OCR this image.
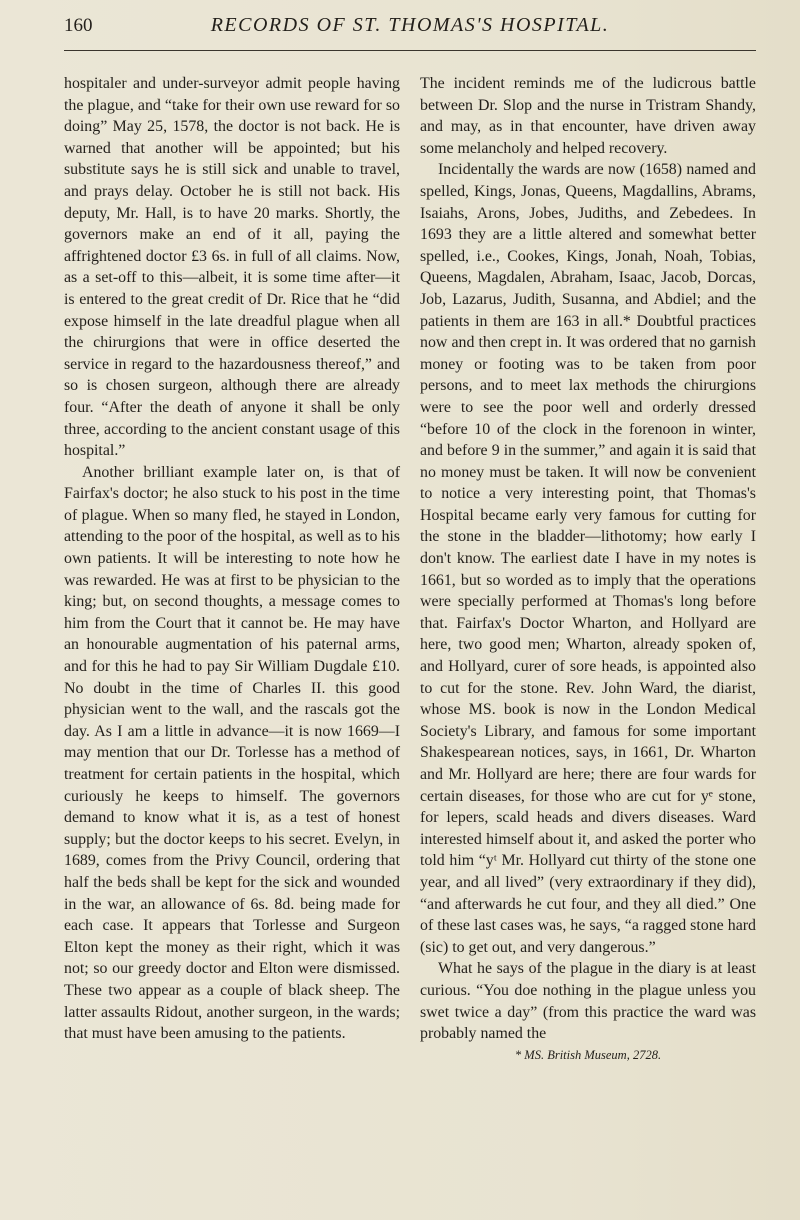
160	RECORDS OF ST. THOMAS'S HOSPITAL.

hospitaler and under-surveyor admit people having the plague, and “take for their own use reward for so doing” May 25, 1578, the doctor is not back. He is warned that another will be appointed; but his substitute says he is still sick and unable to travel, and prays delay. October he is still not back. His deputy, Mr. Hall, is to have 20 marks. Shortly, the governors make an end of it all, paying the affrightened doctor £3 6s. in full of all claims. Now, as a set-off to this—albeit, it is some time after—it is entered to the great credit of Dr. Rice that he “did expose himself in the late dreadful plague when all the chirurgions that were in office deserted the service in regard to the hazardousness thereof,” and so is chosen surgeon, although there are already four. “After the death of anyone it shall be only three, according to the ancient constant usage of this hospital.”

Another brilliant example later on, is that of Fairfax's doctor; he also stuck to his post in the time of plague. When so many fled, he stayed in London, attending to the poor of the hospital, as well as to his own patients. It will be interesting to note how he was rewarded. He was at first to be physician to the king; but, on second thoughts, a message comes to him from the Court that it cannot be. He may have an honourable augmentation of his paternal arms, and for this he had to pay Sir William Dugdale £10. No doubt in the time of Charles II. this good physician went to the wall, and the rascals got the day. As I am a little in advance—it is now 1669—I may mention that our Dr. Torlesse has a method of treatment for certain patients in the hospital, which curiously he keeps to himself. The governors demand to know what it is, as a test of honest supply; but the doctor keeps to his secret. Evelyn, in 1689, comes from the Privy Council, ordering that half the beds shall be kept for the sick and wounded in the war, an allowance of 6s. 8d. being made for each case. It appears that Torlesse and Surgeon Elton kept the money as their right, which it was not; so our greedy doctor and Elton were dismissed. These two appear as a couple of black sheep. The latter assaults Ridout, another surgeon, in the wards; that must have been amusing to the patients.

The incident reminds me of the ludicrous battle between Dr. Slop and the nurse in Tristram Shandy, and may, as in that encounter, have driven away some melancholy and helped recovery.

Incidentally the wards are now (1658) named and spelled, Kings, Jonas, Queens, Magdallins, Abrams, Isaiahs, Arons, Jobes, Judiths, and Zebedees. In 1693 they are a little altered and somewhat better spelled, i.e., Cookes, Kings, Jonah, Noah, Tobias, Queens, Magdalen, Abraham, Isaac, Jacob, Dorcas, Job, Lazarus, Judith, Susanna, and Abdiel; and the patients in them are 163 in all.* Doubtful practices now and then crept in. It was ordered that no garnish money or footing was to be taken from poor persons, and to meet lax methods the chirurgions were to see the poor well and orderly dressed “before 10 of the clock in the forenoon in winter, and before 9 in the summer,” and again it is said that no money must be taken. It will now be convenient to notice a very interesting point, that Thomas's Hospital became early very famous for cutting for the stone in the bladder—lithotomy; how early I don't know. The earliest date I have in my notes is 1661, but so worded as to imply that the operations were specially performed at Thomas's long before that. Fairfax's Doctor Wharton, and Hollyard are here, two good men; Wharton, already spoken of, and Hollyard, curer of sore heads, is appointed also to cut for the stone. Rev. John Ward, the diarist, whose MS. book is now in the London Medical Society's Library, and famous for some important Shakespearean notices, says, in 1661, Dr. Wharton and Mr. Hollyard are here; there are four wards for certain diseases, for those who are cut for yᵉ stone, for lepers, scald heads and divers diseases. Ward interested himself about it, and asked the porter who told him “yᵗ Mr. Hollyard cut thirty of the stone one year, and all lived” (very extraordinary if they did), “and afterwards he cut four, and they all died.” One of these last cases was, he says, “a ragged stone hard (sic) to get out, and very dangerous.”

What he says of the plague in the diary is at least curious. “You doe nothing in the plague unless you swet twice a day” (from this practice the ward was probably named the

* MS. British Museum, 2728.
